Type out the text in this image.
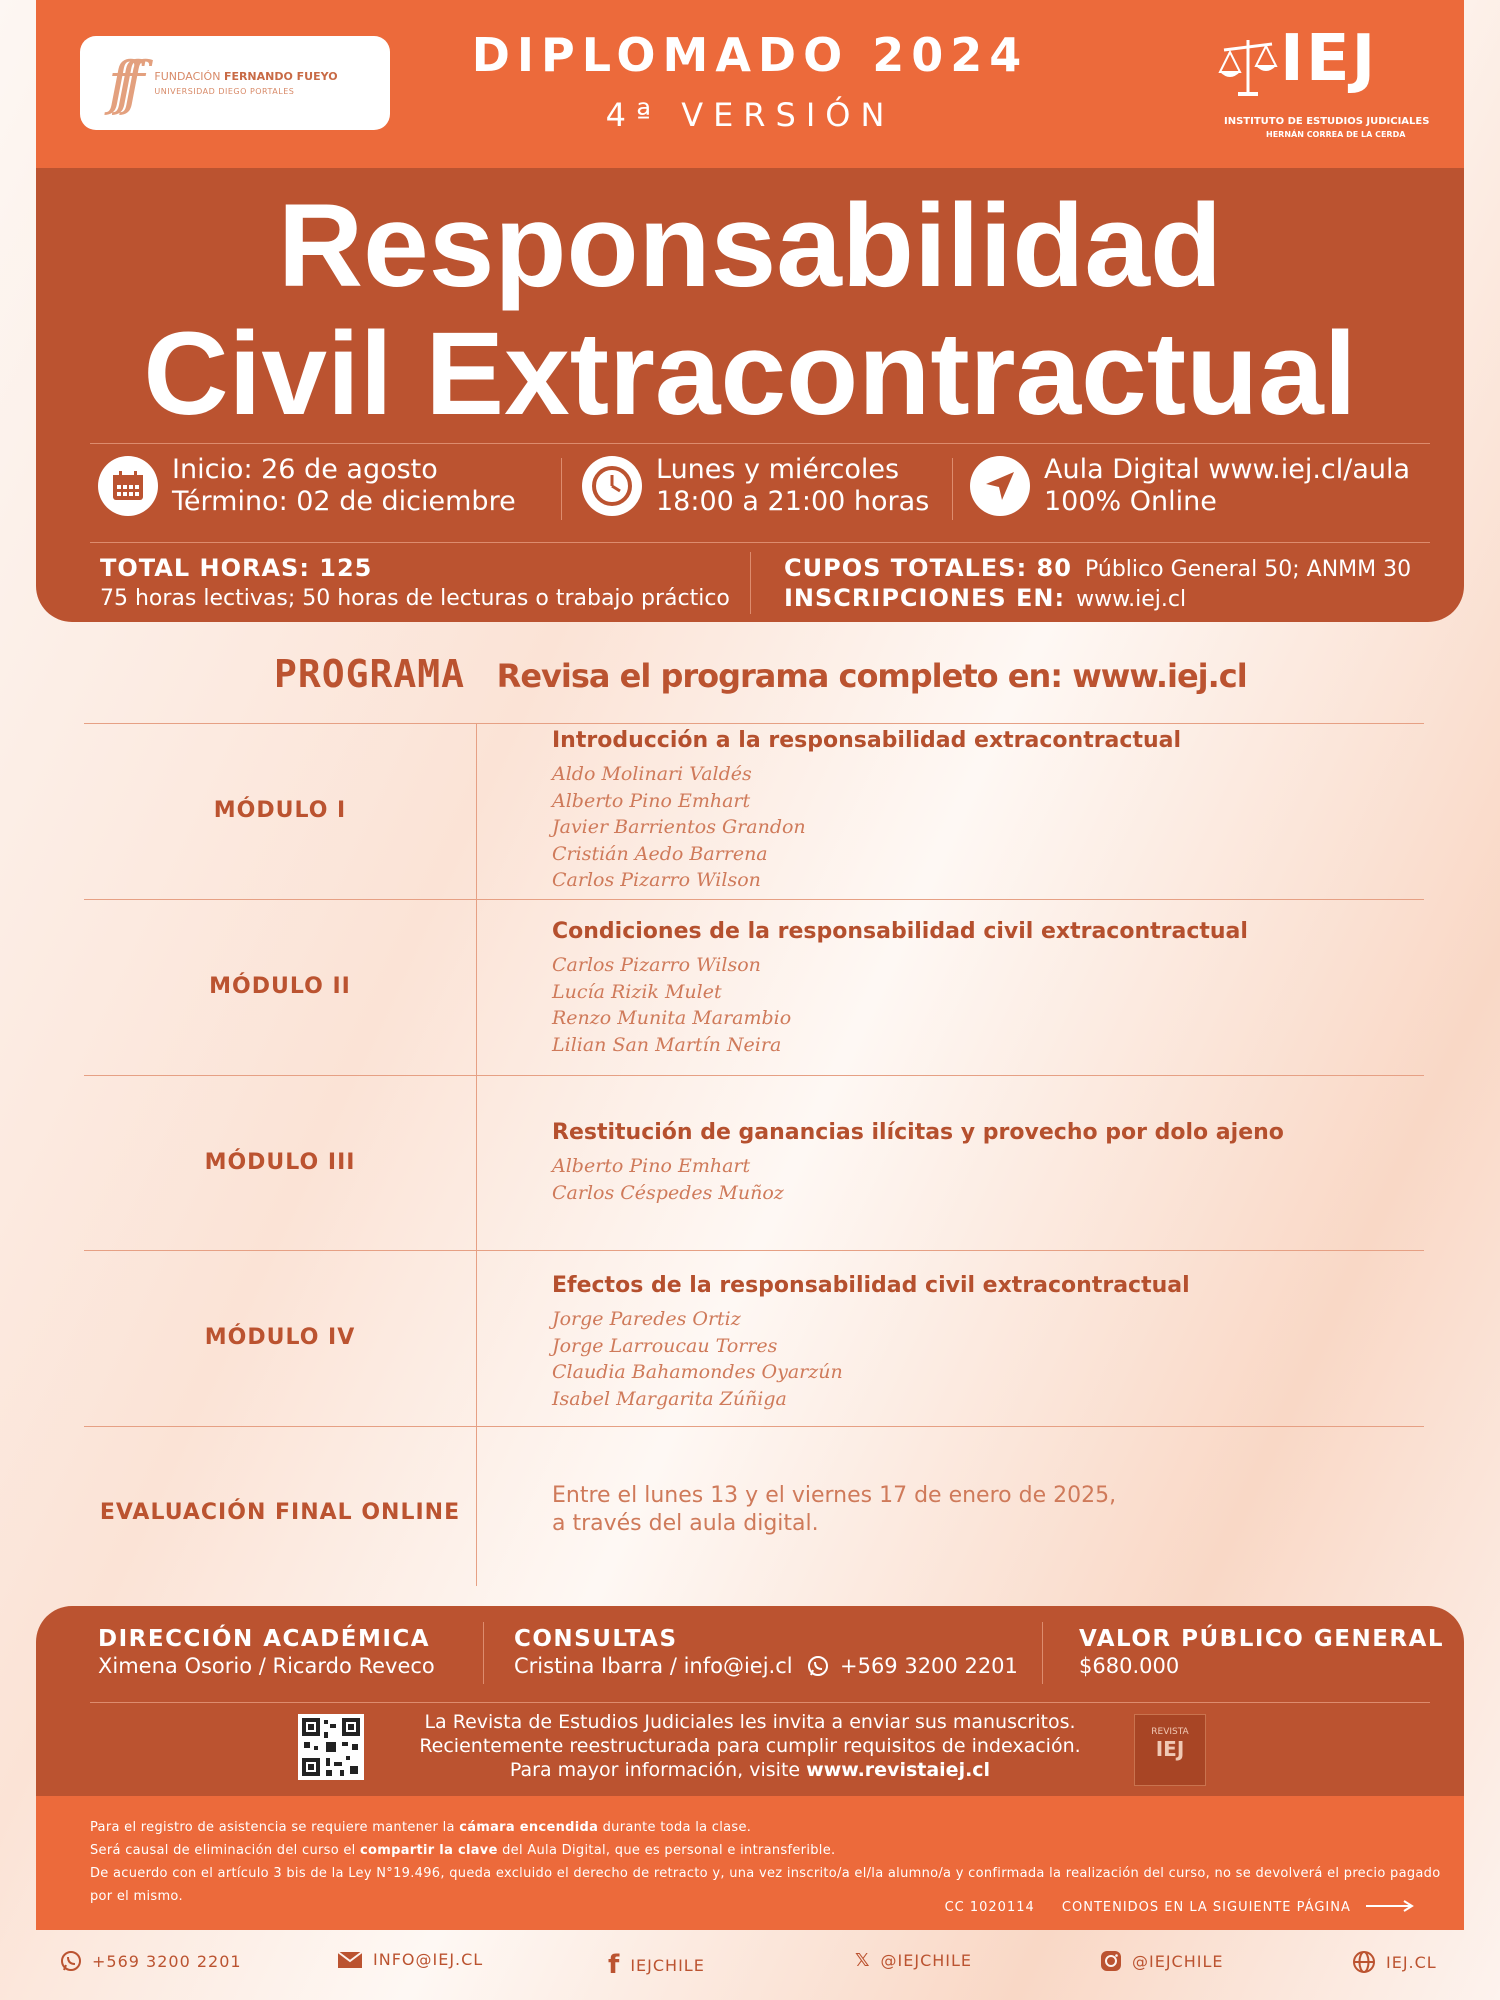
fff FUNDACIÓN FERNANDO FUEYO
UNIVERSIDAD DIEGO PORTALES
DIPLOMADO 2024
4ª VERSIÓN
IEJ
INSTITUTO DE ESTUDIOS JUDICIALES
HERNÁN CORREA DE LA CERDA
Responsabilidad
Civil Extracontractual
Inicio: 26 de agosto
Término: 02 de diciembre
Lunes y miércoles
18:00 a 21:00 horas
Aula Digital www.iej.cl/aula
100% Online
TOTAL HORAS: 125
75 horas lectivas; 50 horas de lecturas o trabajo práctico
CUPOS TOTALES: 80 Público General 50; ANMM 30
INSCRIPCIONES EN: www.iej.cl
PROGRAMA Revisa el programa completo en: www.iej.cl
MÓDULO I
Introducción a la responsabilidad extracontractual
Aldo Molinari Valdés
Alberto Pino Emhart
Javier Barrientos Grandon
Cristián Aedo Barrena
Carlos Pizarro Wilson
MÓDULO II
Condiciones de la responsabilidad civil extracontractual
Carlos Pizarro Wilson
Lucía Rizik Mulet
Renzo Munita Marambio
Lilian San Martín Neira
MÓDULO III
Restitución de ganancias ilícitas y provecho por dolo ajeno
Alberto Pino Emhart
Carlos Céspedes Muñoz
MÓDULO IV
Efectos de la responsabilidad civil extracontractual
Jorge Paredes Ortiz
Jorge Larroucau Torres
Claudia Bahamondes Oyarzún
Isabel Margarita Zúñiga
EVALUACIÓN FINAL ONLINE
Entre el lunes 13 y el viernes 17 de enero de 2025,
a través del aula digital.
DIRECCIÓN ACADÉMICA
Ximena Osorio / Ricardo Reveco
CONSULTAS
Cristina Ibarra / info@iej.cl +569 3200 2201
VALOR PÚBLICO GENERAL
$680.000
La Revista de Estudios Judiciales les invita a enviar sus manuscritos.
Recientemente reestructurada para cumplir requisitos de indexación.
Para mayor información, visite www.revistaiej.cl
REVISTA
IEJ
Para el registro de asistencia se requiere mantener la cámara encendida durante toda la clase.
Será causal de eliminación del curso el compartir la clave del Aula Digital, que es personal e intransferible.
De acuerdo con el artículo 3 bis de la Ley N°19.496, queda excluido el derecho de retracto y, una vez inscrito/a el/la alumno/a y confirmada la realización del curso, no se devolverá el precio pagado por el mismo.
CC 1020114 CONTENIDOS EN LA SIGUIENTE PÁGINA
+569 3200 2201	INFO@IEJ.CL	f IEJCHILE	𝕏 @IEJCHILE	@IEJCHILE	IEJ.CL
